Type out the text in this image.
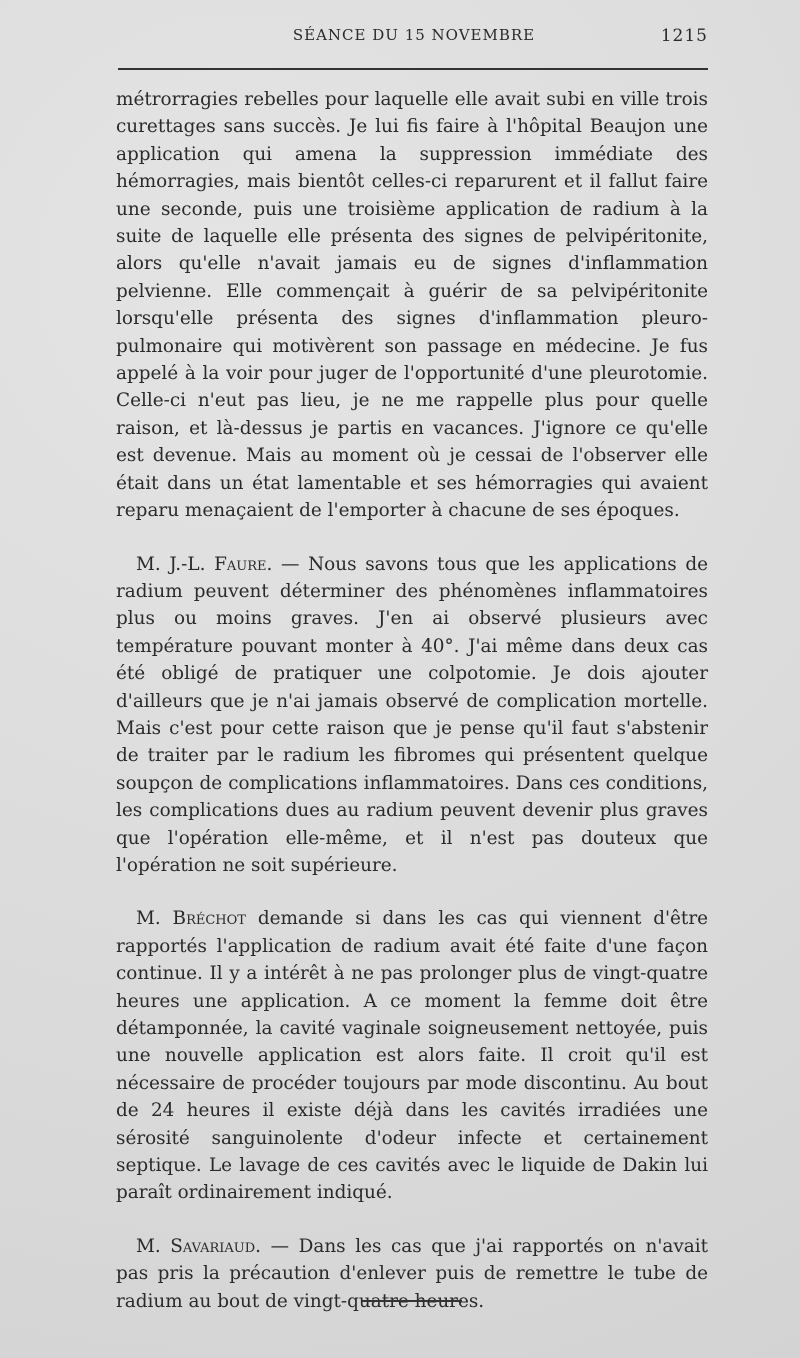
SÉANCE DU 15 NOVEMBRE	1215

métrorragies rebelles pour laquelle elle avait subi en ville trois curettages sans succès. Je lui fis faire à l'hôpital Beaujon une application qui amena la suppression immédiate des hémorragies, mais bientôt celles-ci reparurent et il fallut faire une seconde, puis une troisième application de radium à la suite de laquelle elle présenta des signes de pelvipéritonite, alors qu'elle n'avait jamais eu de signes d'inflammation pelvienne. Elle commençait à guérir de sa pelvipéritonite lorsqu'elle présenta des signes d'inflammation pleuro-pulmonaire qui motivèrent son passage en médecine. Je fus appelé à la voir pour juger de l'opportunité d'une pleurotomie. Celle-ci n'eut pas lieu, je ne me rappelle plus pour quelle raison, et là-dessus je partis en vacances. J'ignore ce qu'elle est devenue. Mais au moment où je cessai de l'observer elle était dans un état lamentable et ses hémorragies qui avaient reparu menaçaient de l'emporter à chacune de ses époques.

M. J.-L. Faure. — Nous savons tous que les applications de radium peuvent déterminer des phénomènes inflammatoires plus ou moins graves. J'en ai observé plusieurs avec température pouvant monter à 40°. J'ai même dans deux cas été obligé de pratiquer une colpotomie. Je dois ajouter d'ailleurs que je n'ai jamais observé de complication mortelle. Mais c'est pour cette raison que je pense qu'il faut s'abstenir de traiter par le radium les fibromes qui présentent quelque soupçon de complications inflammatoires. Dans ces conditions, les complications dues au radium peuvent devenir plus graves que l'opération elle-même, et il n'est pas douteux que l'opération ne soit supérieure.

M. Bréchot demande si dans les cas qui viennent d'être rapportés l'application de radium avait été faite d'une façon continue. Il y a intérêt à ne pas prolonger plus de vingt-quatre heures une application. A ce moment la femme doit être détamponnée, la cavité vaginale soigneusement nettoyée, puis une nouvelle application est alors faite. Il croit qu'il est nécessaire de procéder toujours par mode discontinu. Au bout de 24 heures il existe déjà dans les cavités irradiées une sérosité sanguinolente d'odeur infecte et certainement septique. Le lavage de ces cavités avec le liquide de Dakin lui paraît ordinairement indiqué.

M. Savariaud. — Dans les cas que j'ai rapportés on n'avait pas pris la précaution d'enlever puis de remettre le tube de radium au bout de vingt-quatre heures.
